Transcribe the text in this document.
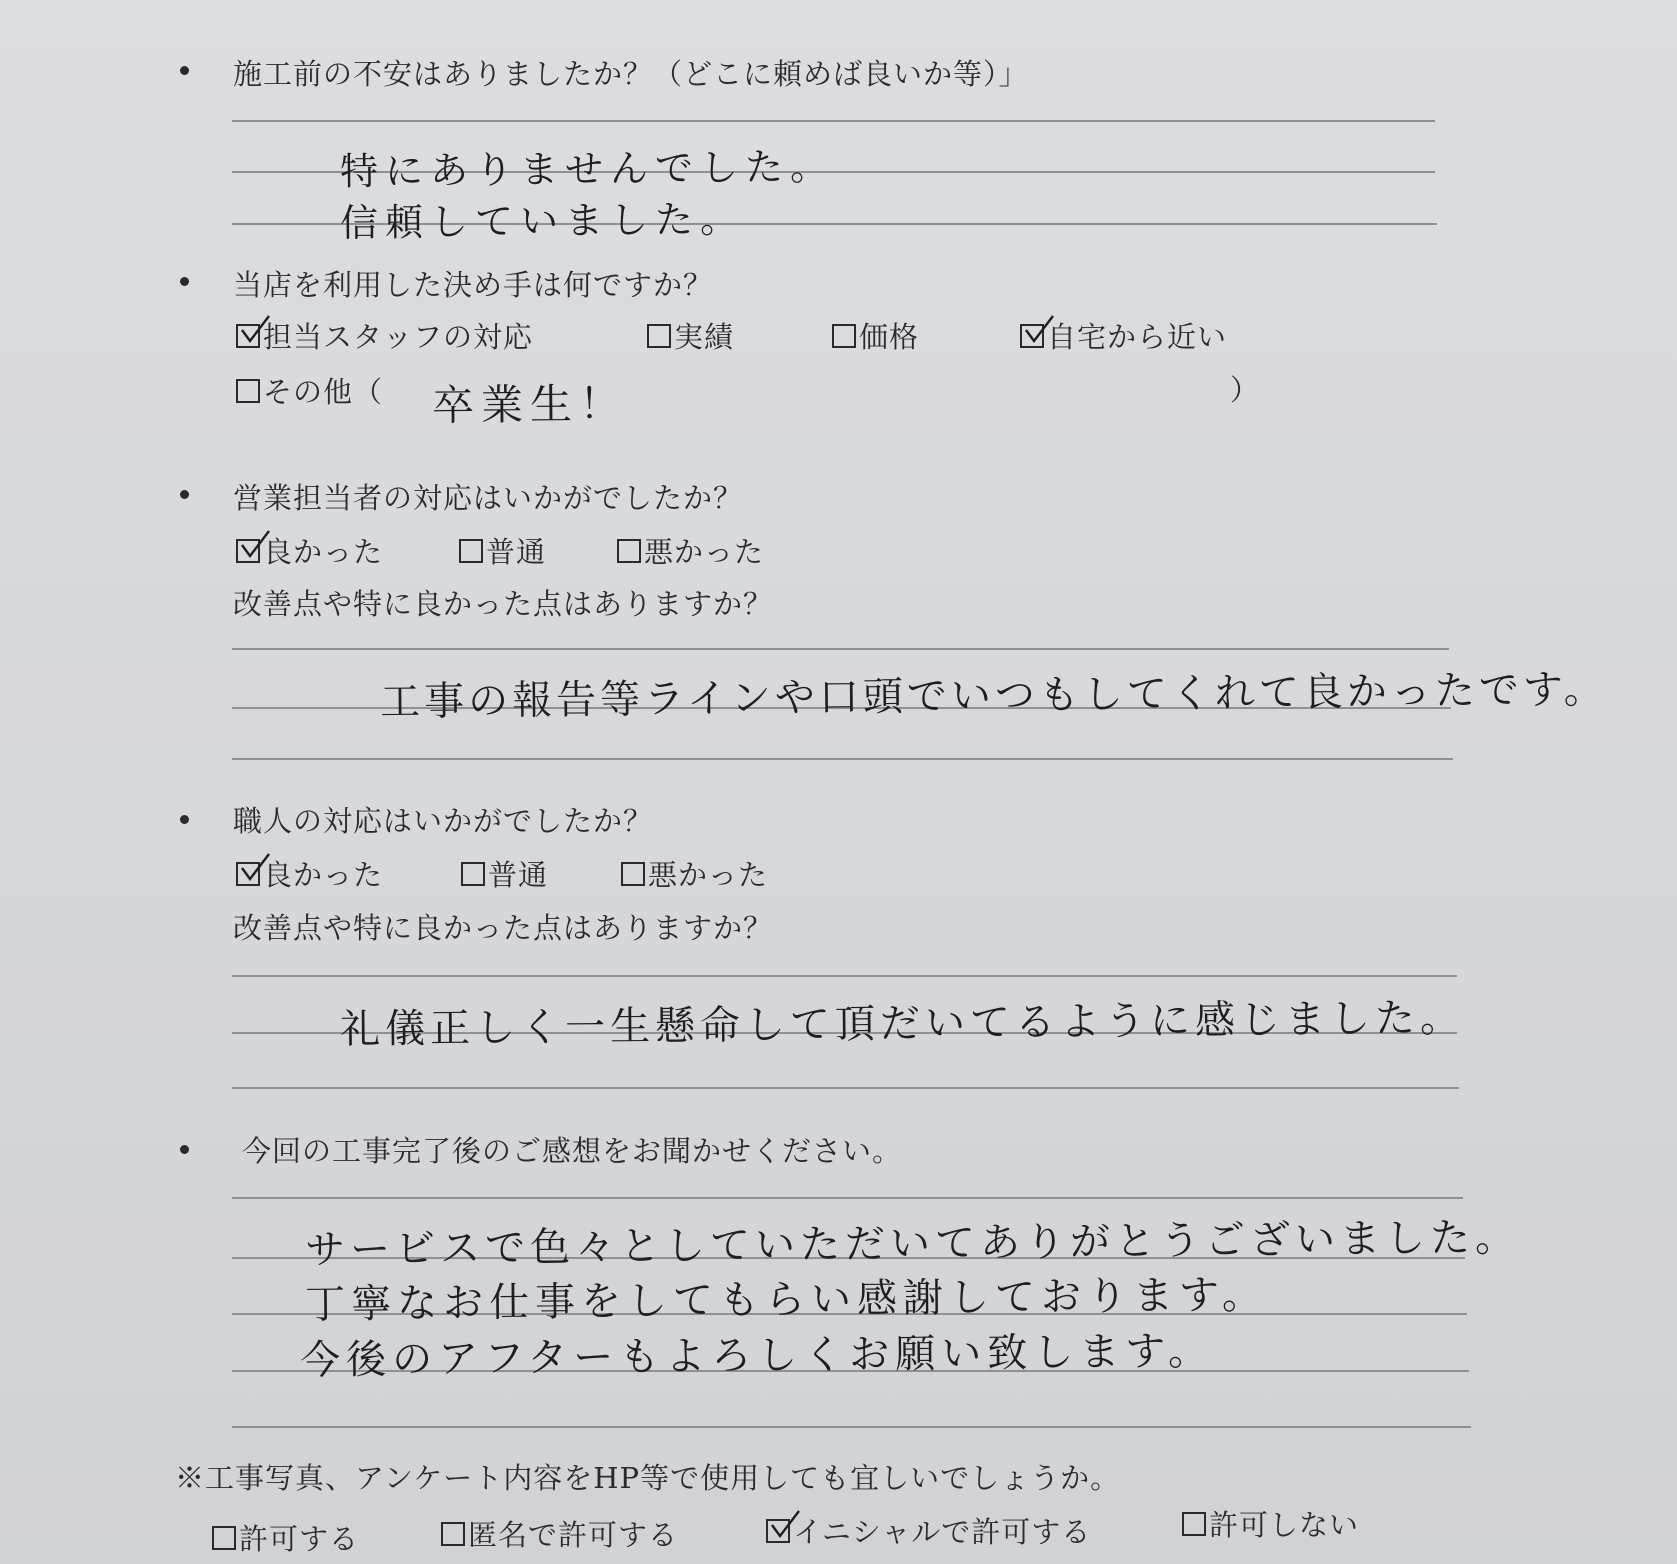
施工前の不安はありましたか？（どこに頼めば良いか等）」
特にありませんでした。
信頼していました。
当店を利用した決め手は何ですか？
担当スタッフの対応	実績	価格	自宅から近い
その他（ 卒業生！	）
営業担当者の対応はいかがでしたか？
良かった	普通	悪かった
改善点や特に良かった点はありますか？
工事の報告等ラインや口頭でいつもしてくれて良かったです。
職人の対応はいかがでしたか？
良かった	普通	悪かった
改善点や特に良かった点はありますか？
礼儀正しく一生懸命して頂だいてるように感じました。
今回の工事完了後のご感想をお聞かせください。
サービスで色々としていただいてありがとうございました。
丁寧なお仕事をしてもらい感謝しております。
今後のアフターもよろしくお願い致します。
※工事写真、アンケート内容をHP等で使用しても宜しいでしょうか。
許可する	匿名で許可する	イニシャルで許可する	許可しない
